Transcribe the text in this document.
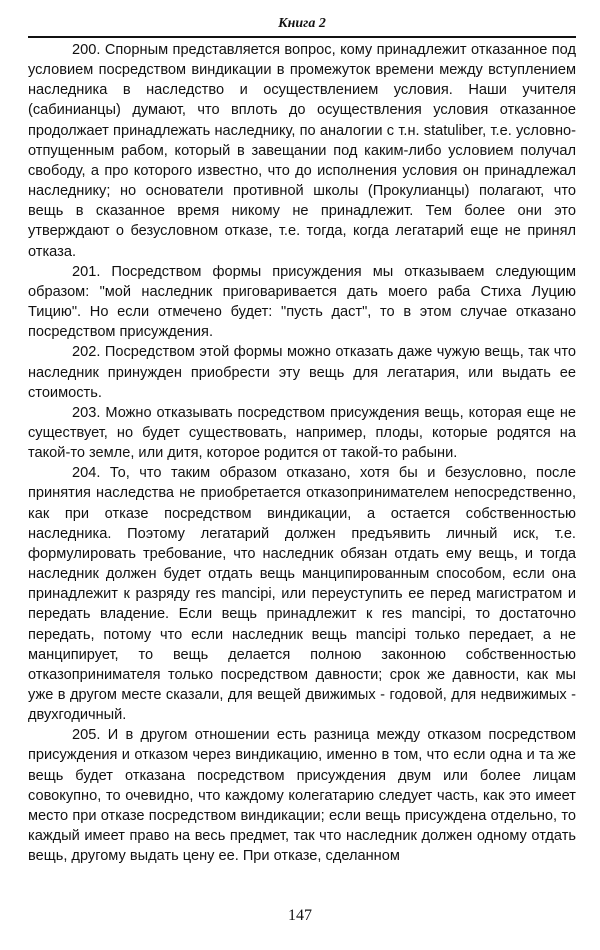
Книга 2

200. Спорным представляется вопрос, кому принадлежит отказанное под условием посредством виндикации в промежуток времени между вступлением наследника в наследство и осуществлением условия. Наши учителя (сабинианцы) думают, что вплоть до осуществления условия отказанное продолжает принадлежать наследнику, по аналогии с т.н. statuliber, т.е. условно-отпущенным рабом, который в завещании под каким-либо условием получал свободу, а про которого известно, что до исполнения условия он принадлежал наследнику; но основатели противной школы (Прокулианцы) полагают, что вещь в сказанное время никому не принадлежит. Тем более они это утверждают о безусловном отказе, т.е. тогда, когда легатарий еще не принял отказа.

201. Посредством формы присуждения мы отказываем следующим образом: "мой наследник приговаривается дать моего раба Стиха Луцию Тицию". Но если отмечено будет: "пусть даст", то в этом случае отказано посредством присуждения.

202. Посредством этой формы можно отказать даже чужую вещь, так что наследник принужден приобрести эту вещь для легатария, или выдать ее стоимость.

203. Можно отказывать посредством присуждения вещь, которая еще не существует, но будет существовать, например, плоды, которые родятся на такой-то земле, или дитя, которое родится от такой-то рабыни.

204. То, что таким образом отказано, хотя бы и безусловно, после принятия наследства не приобретается отказопринимателем непосредственно, как при отказе посредством виндикации, а остается собственностью наследника. Поэтому легатарий должен предъявить личный иск, т.е. формулировать требование, что наследник обязан отдать ему вещь, и тогда наследник должен будет отдать вещь манципированным способом, если она принадлежит к разряду res mancipi, или переуступить ее перед магистратом и передать владение. Если вещь принадлежит к res mancipi, то достаточно передать, потому что если наследник вещь mancipi только передает, а не манципирует, то вещь делается полною законною собственностью отказопринимателя только посредством давности; срок же давности, как мы уже в другом месте сказали, для вещей движимых - годовой, для недвижимых - двухгодичный.

205. И в другом отношении есть разница между отказом посредством присуждения и отказом через виндикацию, именно в том, что если одна и та же вещь будет отказана посредством присуждения двум или более лицам совокупно, то очевидно, что каждому колегатарию следует часть, как это имеет место при отказе посредством виндикации; если вещь присуждена отдельно, то каждый имеет право на весь предмет, так что наследник должен одному отдать вещь, другому выдать цену ее. При отказе, сделанном

147
